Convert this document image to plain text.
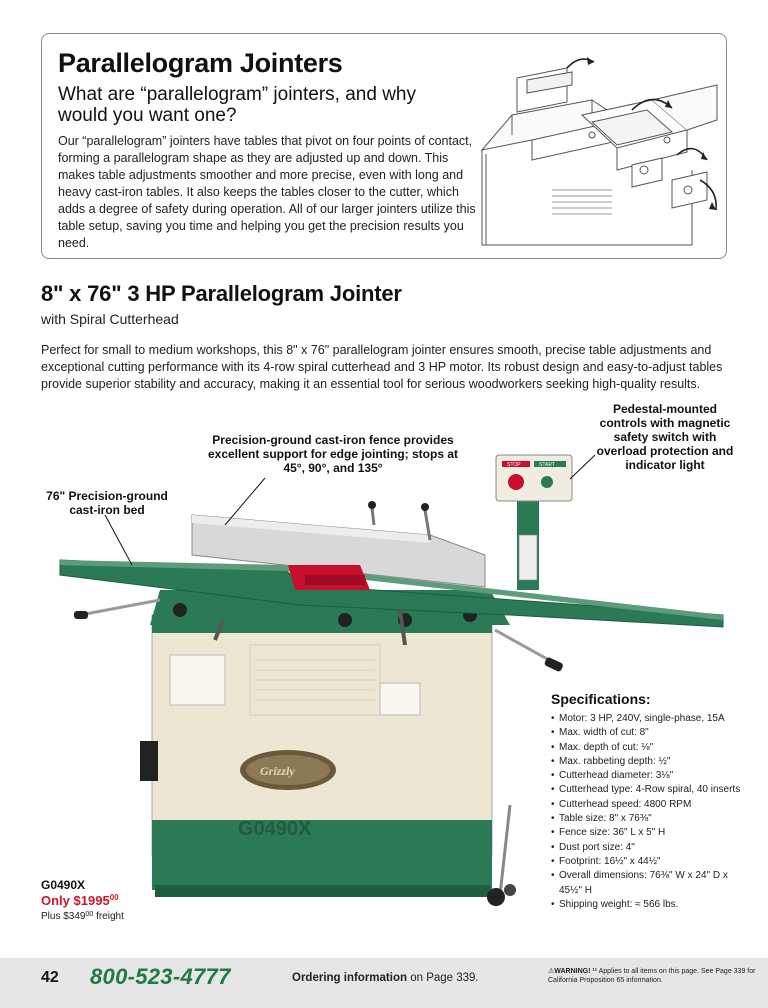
Parallelogram Jointers
What are “parallelogram” jointers, and why would you want one?
Our “parallelogram” jointers have tables that pivot on four points of contact, forming a parallelogram shape as they are adjusted up and down. This makes table adjustments smoother and more precise, even with long and heavy cast-iron tables. It also keeps the tables closer to the cutter, which adds a degree of safety during operation. All of our larger jointers utilize this table setup, saving you time and helping you get the precision results you need.
8" x 76" 3 HP Parallelogram Jointer
with Spiral Cutterhead
Perfect for small to medium workshops, this 8" x 76" parallelogram jointer ensures smooth, precise table adjustments and exceptional cutting performance with its 4-row spiral cutterhead and 3 HP motor. Its robust design and easy-to-adjust tables provide superior stability and accuracy, making it an essential tool for serious woodworkers seeking high-quality results.
STOP	START
Grizzly
G0490X
Precision-ground cast-iron fence provides excellent support for edge jointing; stops at 45°, 90°, and 135°
76" Precision-ground cast-iron bed
Pedestal-mounted controls with magnetic safety switch with overload protection and indicator light
Specifications:
• Motor: 3 HP, 240V, single-phase, 15A
• Max. width of cut: 8"
• Max. depth of cut: ⅛"
• Max. rabbeting depth: ½"
• Cutterhead diameter: 3⅛"
• Cutterhead type: 4-Row spiral, 40 inserts
• Cutterhead speed: 4800 RPM
• Table size: 8" x 76⅜"
• Fence size: 36" L x 5" H
• Dust port size: 4"
• Footprint: 16½" x 44½"
• Overall dimensions: 76⅜" W x 24" D x 45½" H
• Shipping weight: ≈ 566 lbs.
G0490X
Only $1995$^{00}$
Plus $\$349^{00}$ freight
42 800-523-4777	Ordering information on Page 339.
⚠WARNING! ¹¹ Applies to all items on this page. See Page 339 for California Proposition 65 information.
